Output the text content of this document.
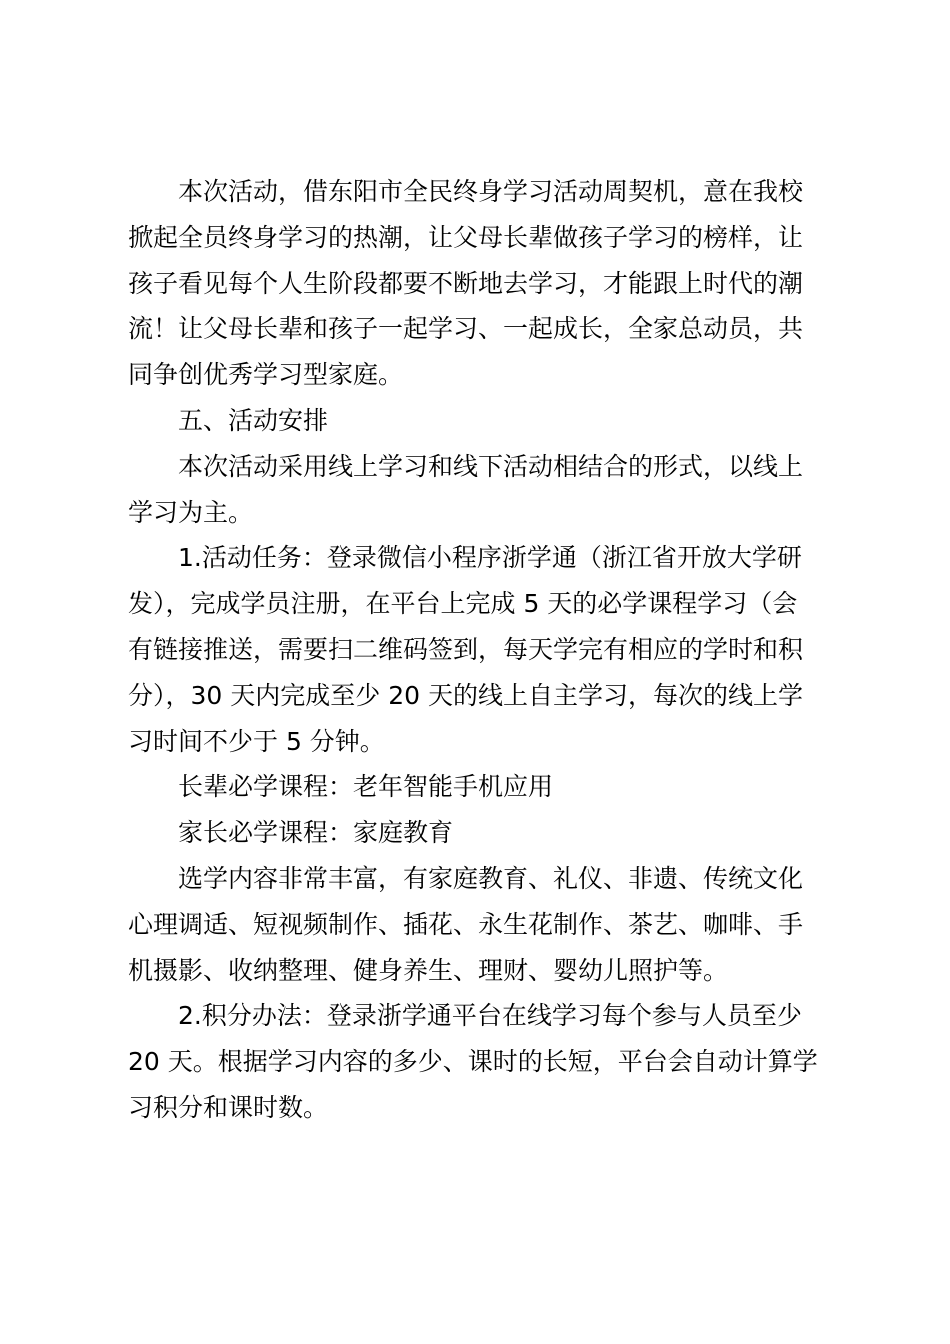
本次活动，借东阳市全民终身学习活动周契机，意在我校
掀起全员终身学习的热潮，让父母长辈做孩子学习的榜样，让
孩子看见每个人生阶段都要不断地去学习，才能跟上时代的潮
流！让父母长辈和孩子一起学习、一起成长，全家总动员，共
同争创优秀学习型家庭。

五、活动安排

本次活动采用线上学习和线下活动相结合的形式，以线上
学习为主。

1.活动任务：登录微信小程序浙学通（浙江省开放大学研
发），完成学员注册，在平台上完成 5 天的必学课程学习（会
有链接推送，需要扫二维码签到，每天学完有相应的学时和积
分），30 天内完成至少 20 天的线上自主学习，每次的线上学
习时间不少于 5 分钟。

长辈必学课程：老年智能手机应用

家长必学课程：家庭教育

选学内容非常丰富，有家庭教育、礼仪、非遗、传统文化
心理调适、短视频制作、插花、永生花制作、茶艺、咖啡、手
机摄影、收纳整理、健身养生、理财、婴幼儿照护等。

2.积分办法：登录浙学通平台在线学习每个参与人员至少
20 天。根据学习内容的多少、课时的长短，平台会自动计算学
习积分和课时数。
